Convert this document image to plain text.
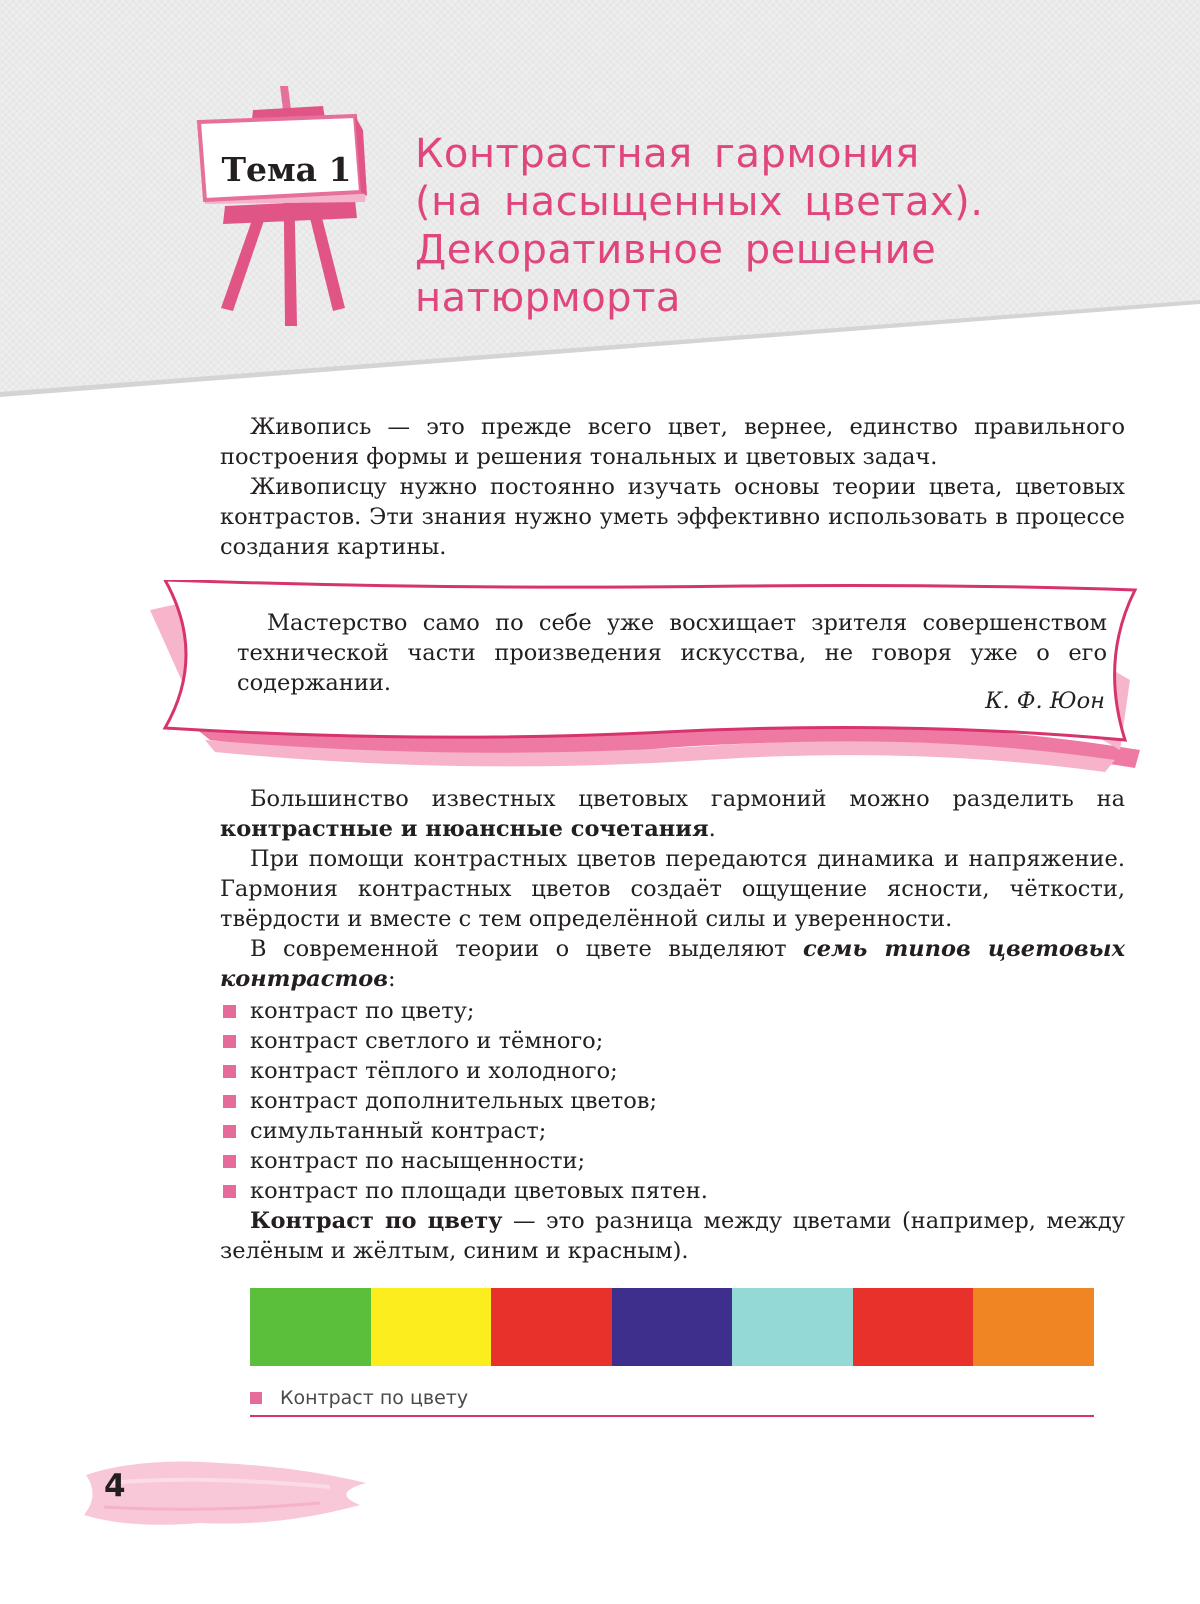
Тема 1 Контрастная гармония
(на насыщенных цветах).
Декоративное решение
натюрморта

Живопись — это прежде всего цвет, вернее, единство правильного построения формы и решения тональных и цветовых задач.

Живописцу нужно постоянно изучать основы теории цвета, цветовых контрастов. Эти знания нужно уметь эффективно использовать в процессе создания картины.

Мастерство само по себе уже восхищает зрителя совершенством технической части произведения искусства, не говоря уже о его содержании.
К. Ф. Юон

Большинство известных цветовых гармоний можно разделить на контрастные и нюансные сочетания.

При помощи контрастных цветов передаются динамика и напряжение. Гармония контрастных цветов создаёт ощущение ясности, чёткости, твёрдости и вместе с тем определённой силы и уверенности.

В современной теории о цвете выделяют семь типов цветовых контрастов:

контраст по цвету;
контраст светлого и тёмного;
контраст тёплого и холодного;
контраст дополнительных цветов;
симультанный контраст;
контраст по насыщенности;
контраст по площади цветовых пятен.

Контраст по цвету — это разница между цветами (например, между зелёным и жёлтым, синим и красным).

Контраст по цвету
4
